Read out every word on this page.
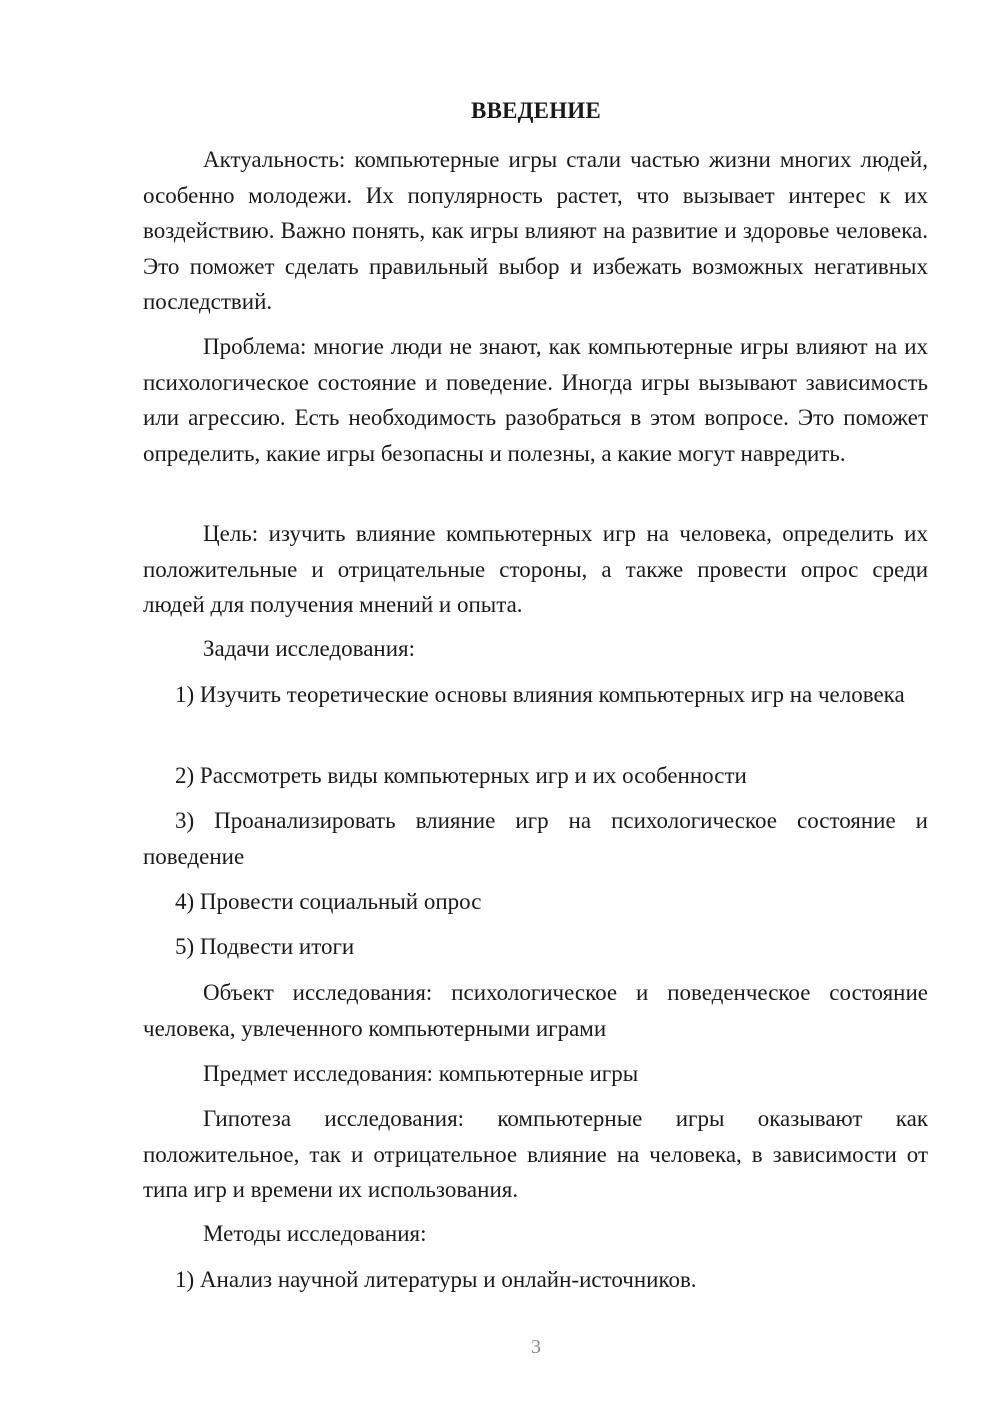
ВВЕДЕНИЕ

Актуальность: компьютерные игры стали частью жизни многих людей, особенно молодежи. Их популярность растет, что вызывает интерес к их воздействию. Важно понять, как игры влияют на развитие и здоровье человека. Это поможет сделать правильный выбор и избежать возможных негативных последствий.

Проблема: многие люди не знают, как компьютерные игры влияют на их психологическое состояние и поведение. Иногда игры вызывают зависимость или агрессию. Есть необходимость разобраться в этом вопросе. Это поможет определить, какие игры безопасны и полезны, а какие могут навредить.

Цель: изучить влияние компьютерных игр на человека, определить их положительные и отрицательные стороны, а также провести опрос среди людей для получения мнений и опыта.

Задачи исследования:

1) Изучить теоретические основы влияния компьютерных игр на человека

2) Рассмотреть виды компьютерных игр и их особенности

3) Проанализировать влияние игр на психологическое состояние и поведение

4) Провести социальный опрос

5) Подвести итоги

Объект исследования: психологическое и поведенческое состояние человека, увлеченного компьютерными играми

Предмет исследования: компьютерные игры

Гипотеза исследования: компьютерные игры оказывают как положительное, так и отрицательное влияние на человека, в зависимости от типа игр и времени их использования.

Методы исследования:

1) Анализ научной литературы и онлайн-источников.

3
